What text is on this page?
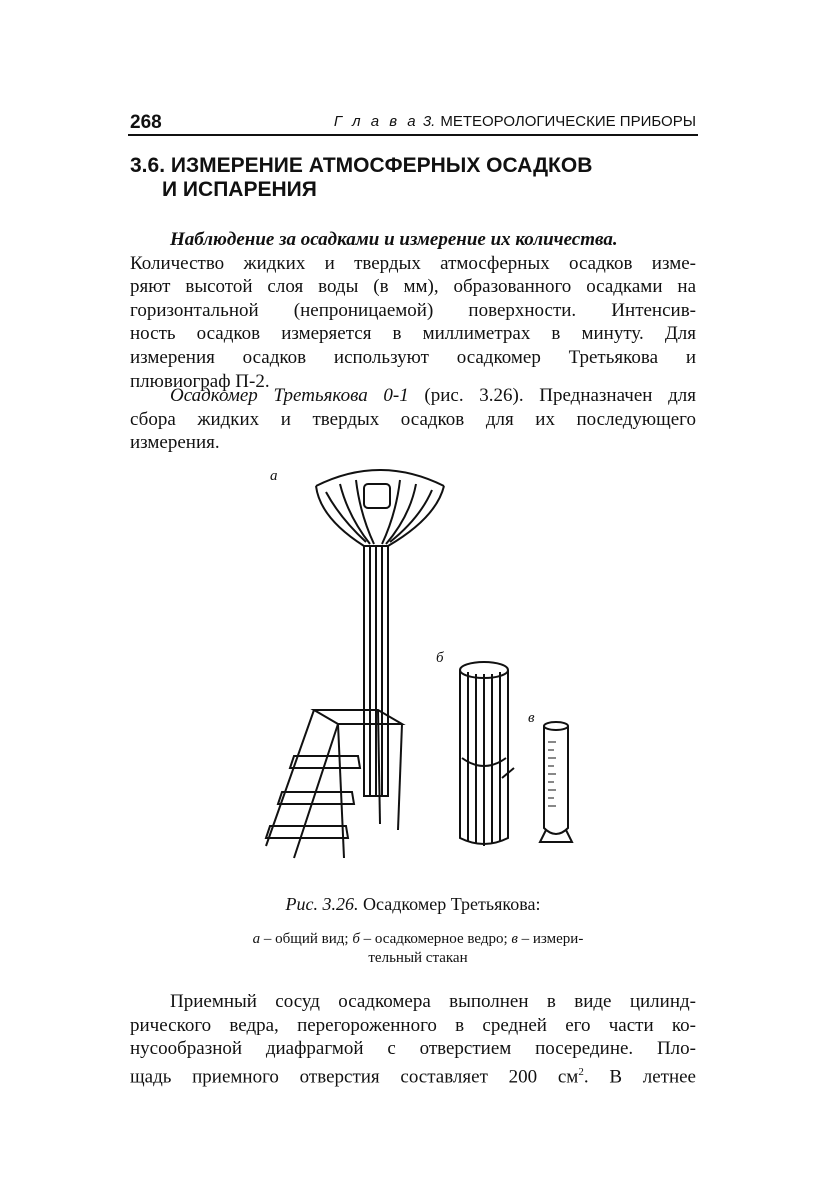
268	Г л а в а 3. МЕТЕОРОЛОГИЧЕСКИЕ ПРИБОРЫ
3.6. ИЗМЕРЕНИЕ АТМОСФЕРНЫХ ОСАДКОВ
И ИСПАРЕНИЯ
Наблюдение за осадками и измерение их количества.
Количество жидких и твердых атмосферных осадков изме-
ряют высотой слоя воды (в мм), образованного осадками на
горизонтальной (непроницаемой) поверхности. Интенсив-
ность осадков измеряется в миллиметрах в минуту. Для
измерения осадков используют осадкомер Третьякова и
плювиограф П-2.
Осадкомер Третьякова 0-1 (рис. 3.26). Предназначен для
сбора жидких и твердых осадков для их последующего
измерения.
а
б
в
Рис. 3.26. Осадкомер Третьякова:
а – общий вид; б – осадкомерное ведро; в – измери-
тельный стакан
Приемный сосуд осадкомера выполнен в виде цилинд-
рического ведра, перегороженного в средней его части ко-
нусообразной диафрагмой с отверстием посередине. Пло-
щадь приемного отверстия составляет 200 $см^2$. В летнее
